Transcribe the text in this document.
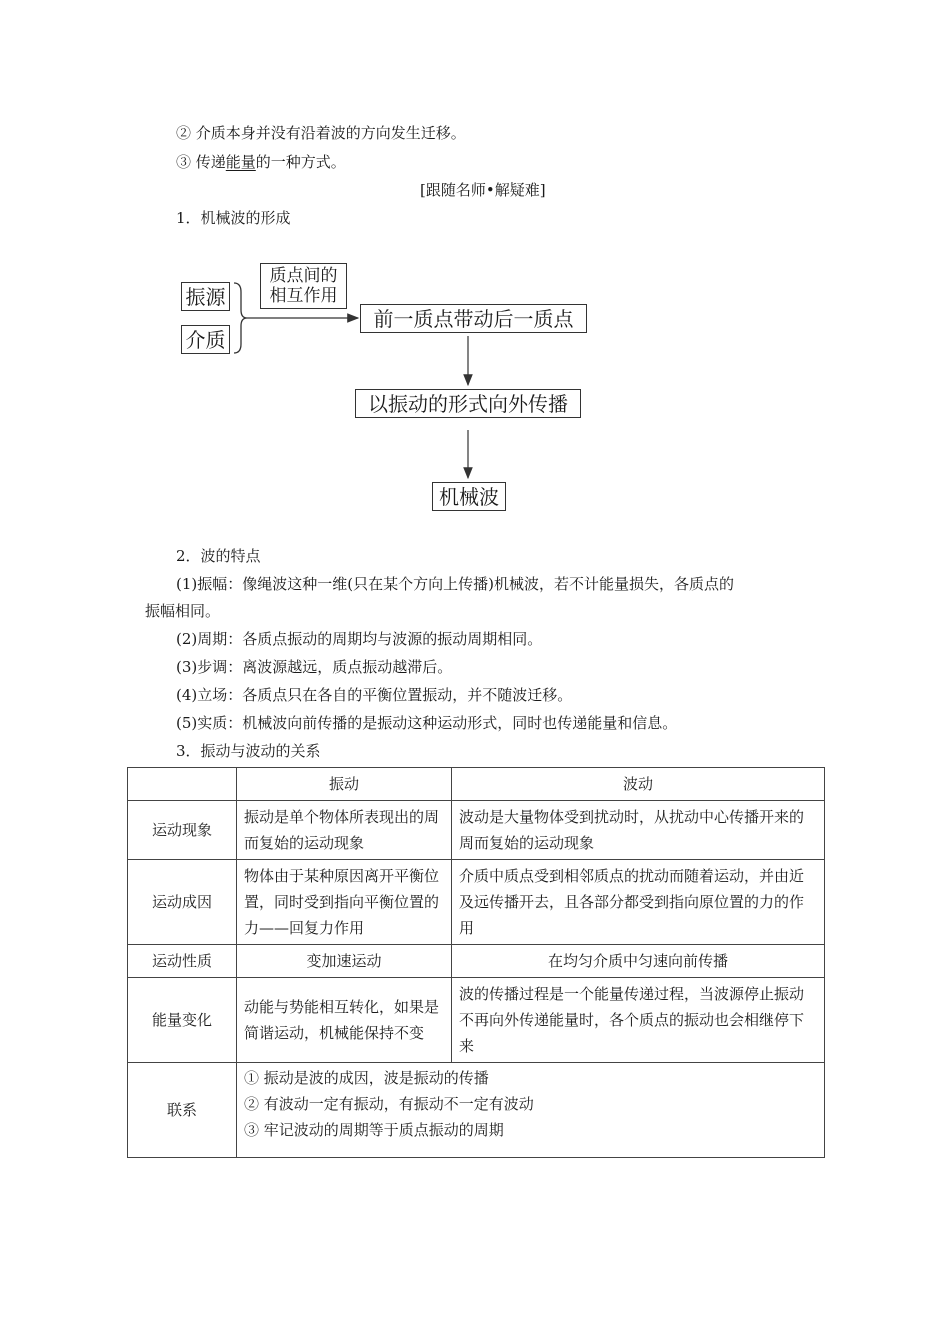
② 介质本身并没有沿着波的方向发生迁移。
③ 传递能量的一种方式。
[跟随名师•解疑难]
1．机械波的形成
振源
介质
质点间的
相互作用
前一质点带动后一质点
以振动的形式向外传播
机械波
2．波的特点
(1)振幅：像绳波这种一维(只在某个方向上传播)机械波，若不计能量损失，各质点的
振幅相同。
(2)周期：各质点振动的周期均与波源的振动周期相同。
(3)步调：离波源越远，质点振动越滞后。
(4)立场：各质点只在各自的平衡位置振动，并不随波迁移。
(5)实质：机械波向前传播的是振动这种运动形式，同时也传递能量和信息。
3．振动与波动的关系
	振动	波动
运动现象	振动是单个物体所表现出的周而复始的运动现象	波动是大量物体受到扰动时，从扰动中心传播开来的周而复始的运动现象
运动成因	物体由于某种原因离开平衡位置，同时受到指向平衡位置的力——回复力作用	介质中质点受到相邻质点的扰动而随着运动，并由近及远传播开去，且各部分都受到指向原位置的力的作用
运动性质	变加速运动	在均匀介质中匀速向前传播
能量变化	动能与势能相互转化，如果是简谐运动，机械能保持不变	波的传播过程是一个能量传递过程，当波源停止振动不再向外传递能量时，各个质点的振动也会相继停下来
联系	① 振动是波的成因，波是振动的传播
② 有波动一定有振动，有振动不一定有波动
③ 牢记波动的周期等于质点振动的周期	
